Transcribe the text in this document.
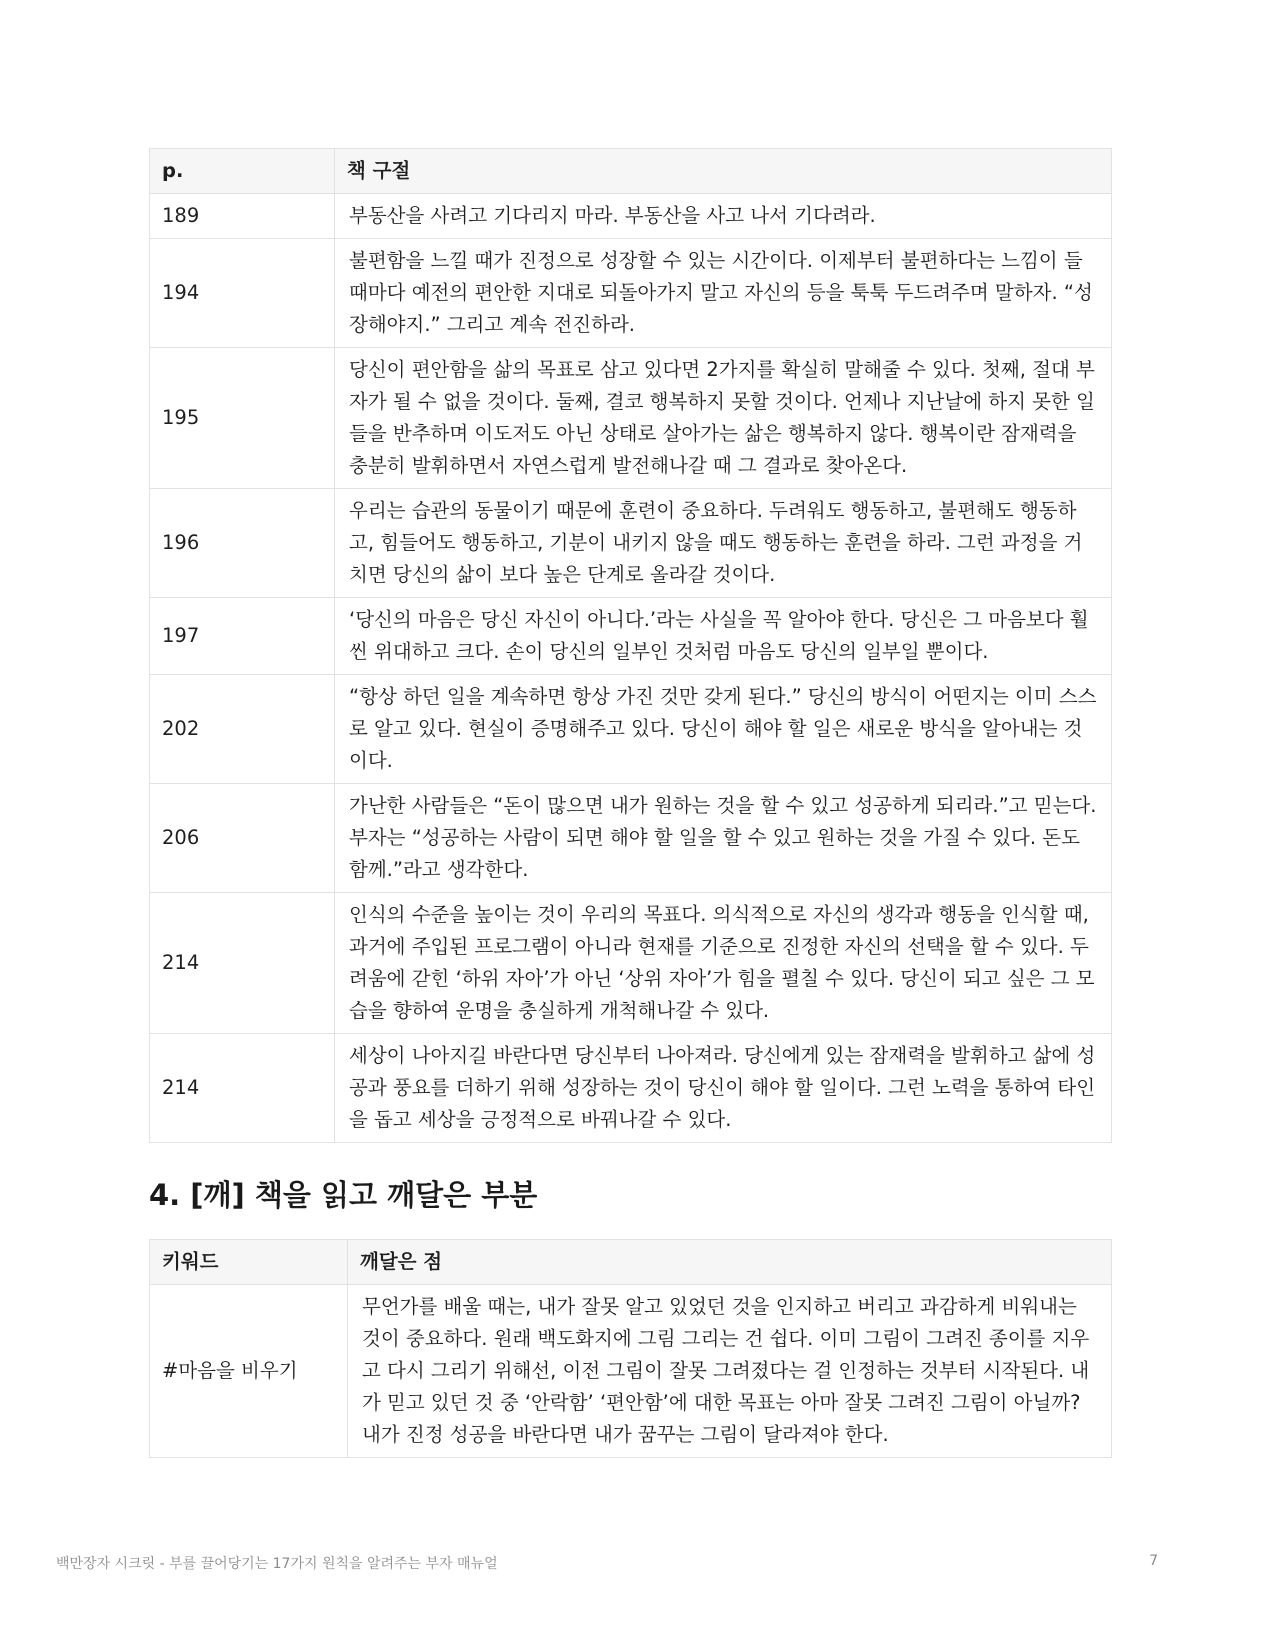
p.	책 구절
189	부동산을 사려고 기다리지 마라. 부동산을 사고 나서 기다려라.
194	불편함을 느낄 때가 진정으로 성장할 수 있는 시간이다. 이제부터 불편하다는 느낌이 들 때마다 예전의 편안한 지대로 되돌아가지 말고 자신의 등을 툭툭 두드려주며 말하자. “성장해야지.” 그리고 계속 전진하라.
195	당신이 편안함을 삶의 목표로 삼고 있다면 2가지를 확실히 말해줄 수 있다. 첫째, 절대 부자가 될 수 없을 것이다. 둘째, 결코 행복하지 못할 것이다. 언제나 지난날에 하지 못한 일들을 반추하며 이도저도 아닌 상태로 살아가는 삶은 행복하지 않다. 행복이란 잠재력을 충분히 발휘하면서 자연스럽게 발전해나갈 때 그 결과로 찾아온다.
196	우리는 습관의 동물이기 때문에 훈련이 중요하다. 두려워도 행동하고, 불편해도 행동하고, 힘들어도 행동하고, 기분이 내키지 않을 때도 행동하는 훈련을 하라. 그런 과정을 거치면 당신의 삶이 보다 높은 단계로 올라갈 것이다.
197	‘당신의 마음은 당신 자신이 아니다.’라는 사실을 꼭 알아야 한다. 당신은 그 마음보다 훨씬 위대하고 크다. 손이 당신의 일부인 것처럼 마음도 당신의 일부일 뿐이다.
202	“항상 하던 일을 계속하면 항상 가진 것만 갖게 된다.” 당신의 방식이 어떤지는 이미 스스로 알고 있다. 현실이 증명해주고 있다. 당신이 해야 할 일은 새로운 방식을 알아내는 것이다.
206	가난한 사람들은 “돈이 많으면 내가 원하는 것을 할 수 있고 성공하게 되리라.”고 믿는다. 부자는 “성공하는 사람이 되면 해야 할 일을 할 수 있고 원하는 것을 가질 수 있다. 돈도 함께.”라고 생각한다.
214	인식의 수준을 높이는 것이 우리의 목표다. 의식적으로 자신의 생각과 행동을 인식할 때, 과거에 주입된 프로그램이 아니라 현재를 기준으로 진정한 자신의 선택을 할 수 있다. 두려움에 갇힌 ‘하위 자아’가 아닌 ‘상위 자아’가 힘을 펼칠 수 있다. 당신이 되고 싶은 그 모습을 향하여 운명을 충실하게 개척해나갈 수 있다.
214	세상이 나아지길 바란다면 당신부터 나아져라. 당신에게 있는 잠재력을 발휘하고 삶에 성공과 풍요를 더하기 위해 성장하는 것이 당신이 해야 할 일이다. 그런 노력을 통하여 타인을 돕고 세상을 긍정적으로 바꿔나갈 수 있다.
4. [깨] 책을 읽고 깨달은 부분
키워드	깨달은 점
#마음을 비우기	무언가를 배울 때는, 내가 잘못 알고 있었던 것을 인지하고 버리고 과감하게 비워내는 것이 중요하다. 원래 백도화지에 그림 그리는 건 쉽다. 이미 그림이 그려진 종이를 지우고 다시 그리기 위해선, 이전 그림이 잘못 그려졌다는 걸 인정하는 것부터 시작된다. 내가 믿고 있던 것 중 ‘안락함’ ‘편안함’에 대한 목표는 아마 잘못 그려진 그림이 아닐까? 내가 진정 성공을 바란다면 내가 꿈꾸는 그림이 달라져야 한다.
백만장자 시크릿 - 부를 끌어당기는 17가지 원칙을 알려주는 부자 매뉴얼	7
